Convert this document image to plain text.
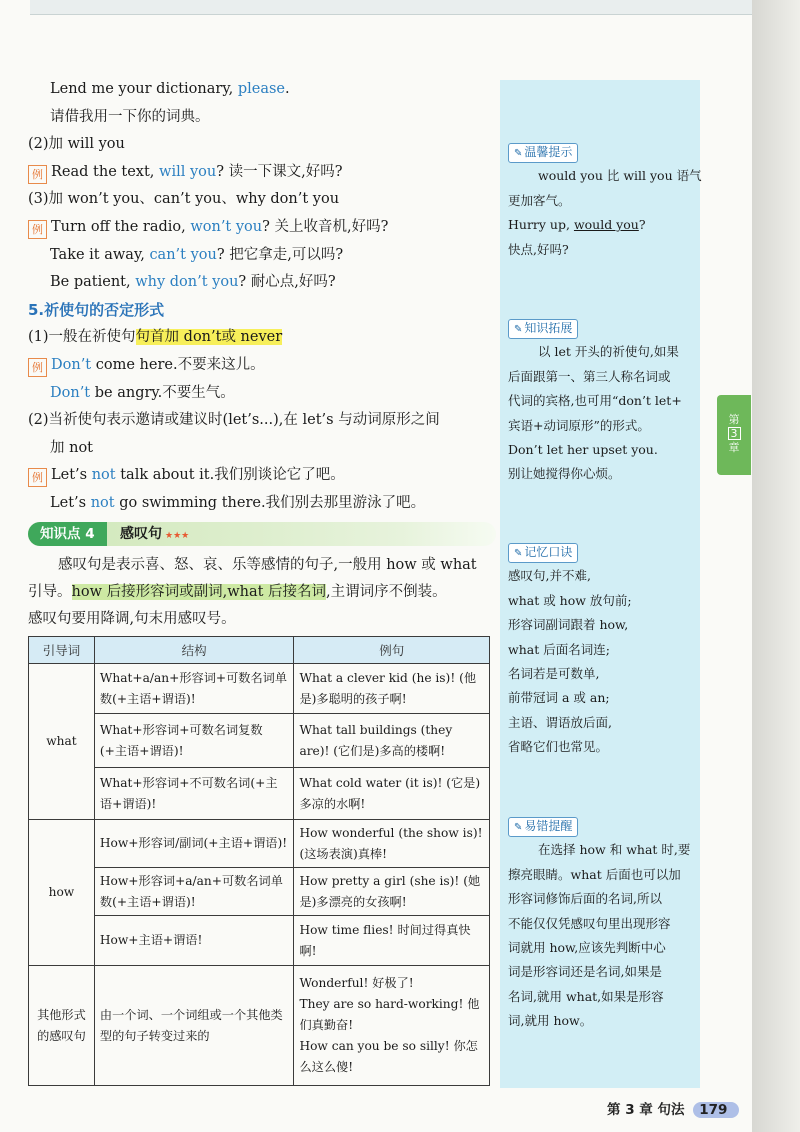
Lend me your dictionary, please.
请借我用一下你的词典。
(2)加 will you
例 Read the text, will you? 读一下课文,好吗?
(3)加 won’t you、can’t you、why don’t you
例 Turn off the radio, won’t you? 关上收音机,好吗?
Take it away, can’t you? 把它拿走,可以吗?
Be patient, why don’t you? 耐心点,好吗?
5.祈使句的否定形式
(1)一般在祈使句句首加 don’t或 never
例 Don’t come here.不要来这儿。
Don’t be angry.不要生气。
(2)当祈使句表示邀请或建议时(let’s...),在 let’s 与动词原形之间
加 not
例 Let’s not talk about it.我们别谈论它了吧。
Let’s not go swimming there.我们别去那里游泳了吧。
知识点 4	感叹句 ★★★

感叹句是表示喜、怒、哀、乐等感情的句子,一般用 how 或 what

引导。how 后接形容词或副词,what 后接名词,主谓词序不倒装。

感叹句要用降调,句末用感叹号。

引导词	结构	例句
what	What+a/an+形容词+可数名词单数(+主语+谓语)!	What a clever kid (he is)! (他是)多聪明的孩子啊!
	What+形容词+可数名词复数(+主语+谓语)!	What tall buildings (they are)! (它们是)多高的楼啊!
	What+形容词+不可数名词(+主语+谓语)!	What cold water (it is)! (它是)多凉的水啊!
how	How+形容词/副词(+主语+谓语)!	How wonderful (the show is)! (这场表演)真棒!
	How+形容词+a/an+可数名词单数(+主语+谓语)!	How pretty a girl (she is)! (她是)多漂亮的女孩啊!
	How+主语+谓语!	How time flies! 时间过得真快啊!
其他形式的感叹句	由一个词、一个词组或一个其他类型的句子转变过来的	Wonderful! 好极了!
They are so hard-working! 他们真勤奋!
How can you be so silly! 你怎么这么傻!
✎ 温馨提示

would you 比 will you 语气

更加客气。

Hurry up, would you?

快点,好吗?

✎ 知识拓展

以 let 开头的祈使句,如果

后面跟第一、第三人称名词或

代词的宾格,也可用“don’t let+

宾语+动词原形”的形式。

Don’t let her upset you.

别让她搅得你心烦。

✎ 记忆口诀

感叹句,并不难,

what 或 how 放句前;

形容词副词跟着 how,

what 后面名词连;

名词若是可数单,

前带冠词 a 或 an;

主语、谓语放后面,

省略它们也常见。

✎ 易错提醒

在选择 how 和 what 时,要

擦亮眼睛。what 后面也可以加

形容词修饰后面的名词,所以

不能仅仅凭感叹句里出现形容

词就用 how,应该先判断中心

词是形容词还是名词,如果是

名词,就用 what,如果是形容

词,就用 how。

第
3
章
第 3 章 句法 179
